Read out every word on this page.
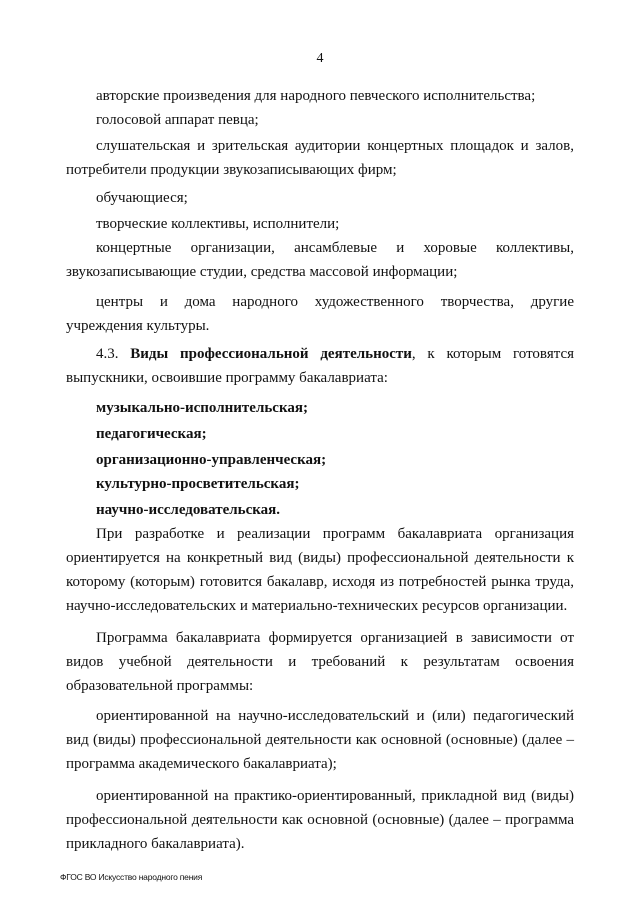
4

авторские произведения для народного певческого исполнительства;

голосовой аппарат певца;

слушательская и зрительская аудитории концертных площадок и залов, потребители продукции звукозаписывающих фирм;

обучающиеся;

творческие коллективы, исполнители;

концертные организации, ансамблевые и хоровые коллективы, звукозаписывающие студии, средства массовой информации;

центры и дома народного художественного творчества, другие учреждения культуры.

4.3. Виды профессиональной деятельности, к которым готовятся выпускники, освоившие программу бакалавриата:

музыкально-исполнительская;

педагогическая;

организационно-управленческая;

культурно-просветительская;

научно-исследовательская.

При разработке и реализации программ бакалавриата организация ориентируется на конкретный вид (виды) профессиональной деятельности к которому (которым) готовится бакалавр, исходя из потребностей рынка труда, научно-исследовательских и материально-технических ресурсов организации.

Программа бакалавриата формируется организацией в зависимости от видов учебной деятельности и требований к результатам освоения образовательной программы:

ориентированной на научно-исследовательский и (или) педагогический вид (виды) профессиональной деятельности как основной (основные) (далее – программа академического бакалавриата);

ориентированной на практико-ориентированный, прикладной вид (виды) профессиональной деятельности как основной (основные) (далее – программа прикладного бакалавриата).

ФГОС ВО Искусство народного пения
